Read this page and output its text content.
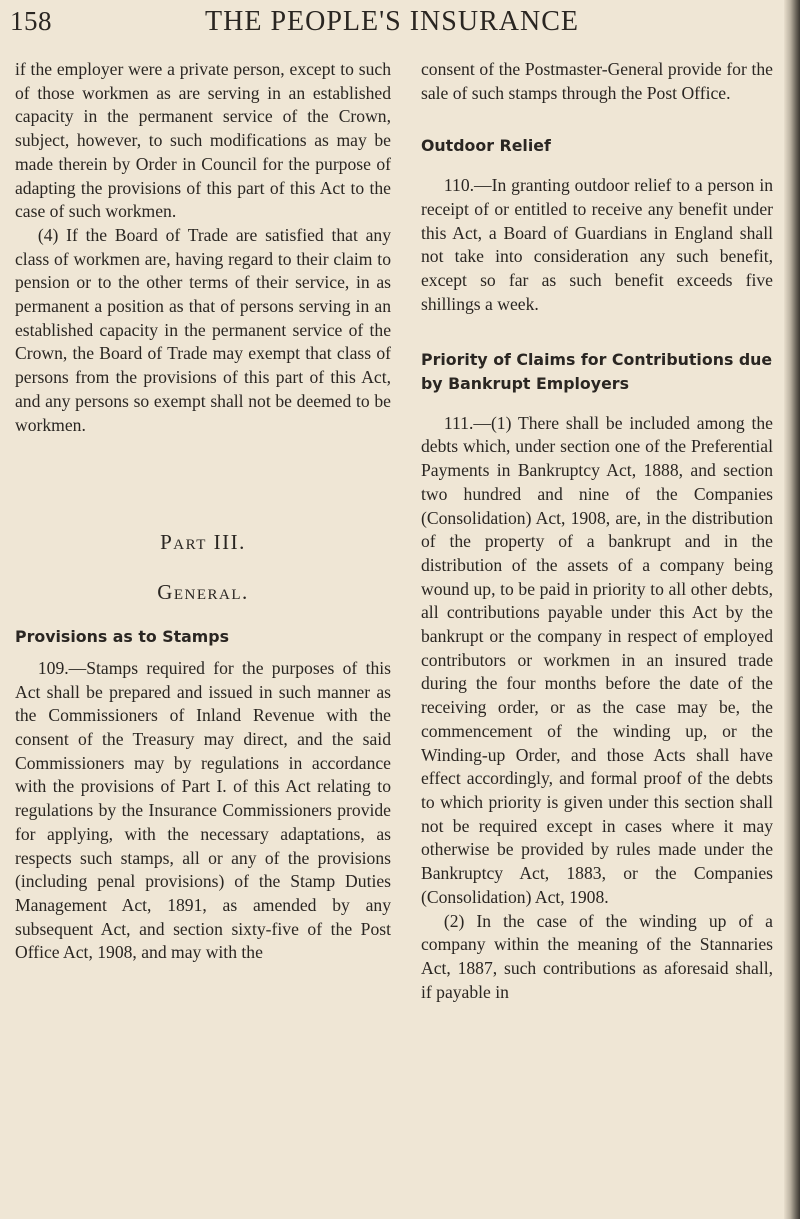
158	THE PEOPLE'S INSURANCE

if the employer were a private person, except to such of those workmen as are serving in an established capacity in the permanent service of the Crown, subject, however, to such modifications as may be made therein by Order in Council for the purpose of adapting the provisions of this part of this Act to the case of such workmen.

(4) If the Board of Trade are satisfied that any class of workmen are, having regard to their claim to pension or to the other terms of their service, in as permanent a position as that of persons serving in an established capacity in the permanent service of the Crown, the Board of Trade may exempt that class of persons from the provisions of this part of this Act, and any persons so exempt shall not be deemed to be workmen.

Part III.
General.
Provisions as to Stamps

109.—Stamps required for the purposes of this Act shall be prepared and issued in such manner as the Commissioners of Inland Revenue with the consent of the Treasury may direct, and the said Commissioners may by regulations in accordance with the provisions of Part I. of this Act relating to regulations by the Insurance Commissioners provide for applying, with the necessary adaptations, as respects such stamps, all or any of the provisions (including penal provisions) of the Stamp Duties Management Act, 1891, as amended by any subsequent Act, and section sixty-five of the Post Office Act, 1908, and may with the

consent of the Postmaster-General provide for the sale of such stamps through the Post Office.

Outdoor Relief

110.—In granting outdoor relief to a person in receipt of or entitled to receive any benefit under this Act, a Board of Guardians in England shall not take into consideration any such benefit, except so far as such benefit exceeds five shillings a week.

Priority of Claims for Contributions due by Bankrupt Employers

111.—(1) There shall be included among the debts which, under section one of the Preferential Payments in Bankruptcy Act, 1888, and section two hundred and nine of the Companies (Consolidation) Act, 1908, are, in the distribution of the property of a bankrupt and in the distribution of the assets of a company being wound up, to be paid in priority to all other debts, all contributions payable under this Act by the bankrupt or the company in respect of employed contributors or workmen in an insured trade during the four months before the date of the receiving order, or as the case may be, the commencement of the winding up, or the Winding-up Order, and those Acts shall have effect accordingly, and formal proof of the debts to which priority is given under this section shall not be required except in cases where it may otherwise be provided by rules made under the Bankruptcy Act, 1883, or the Companies (Consolidation) Act, 1908.

(2) In the case of the winding up of a company within the meaning of the Stannaries Act, 1887, such contributions as aforesaid shall, if payable in
